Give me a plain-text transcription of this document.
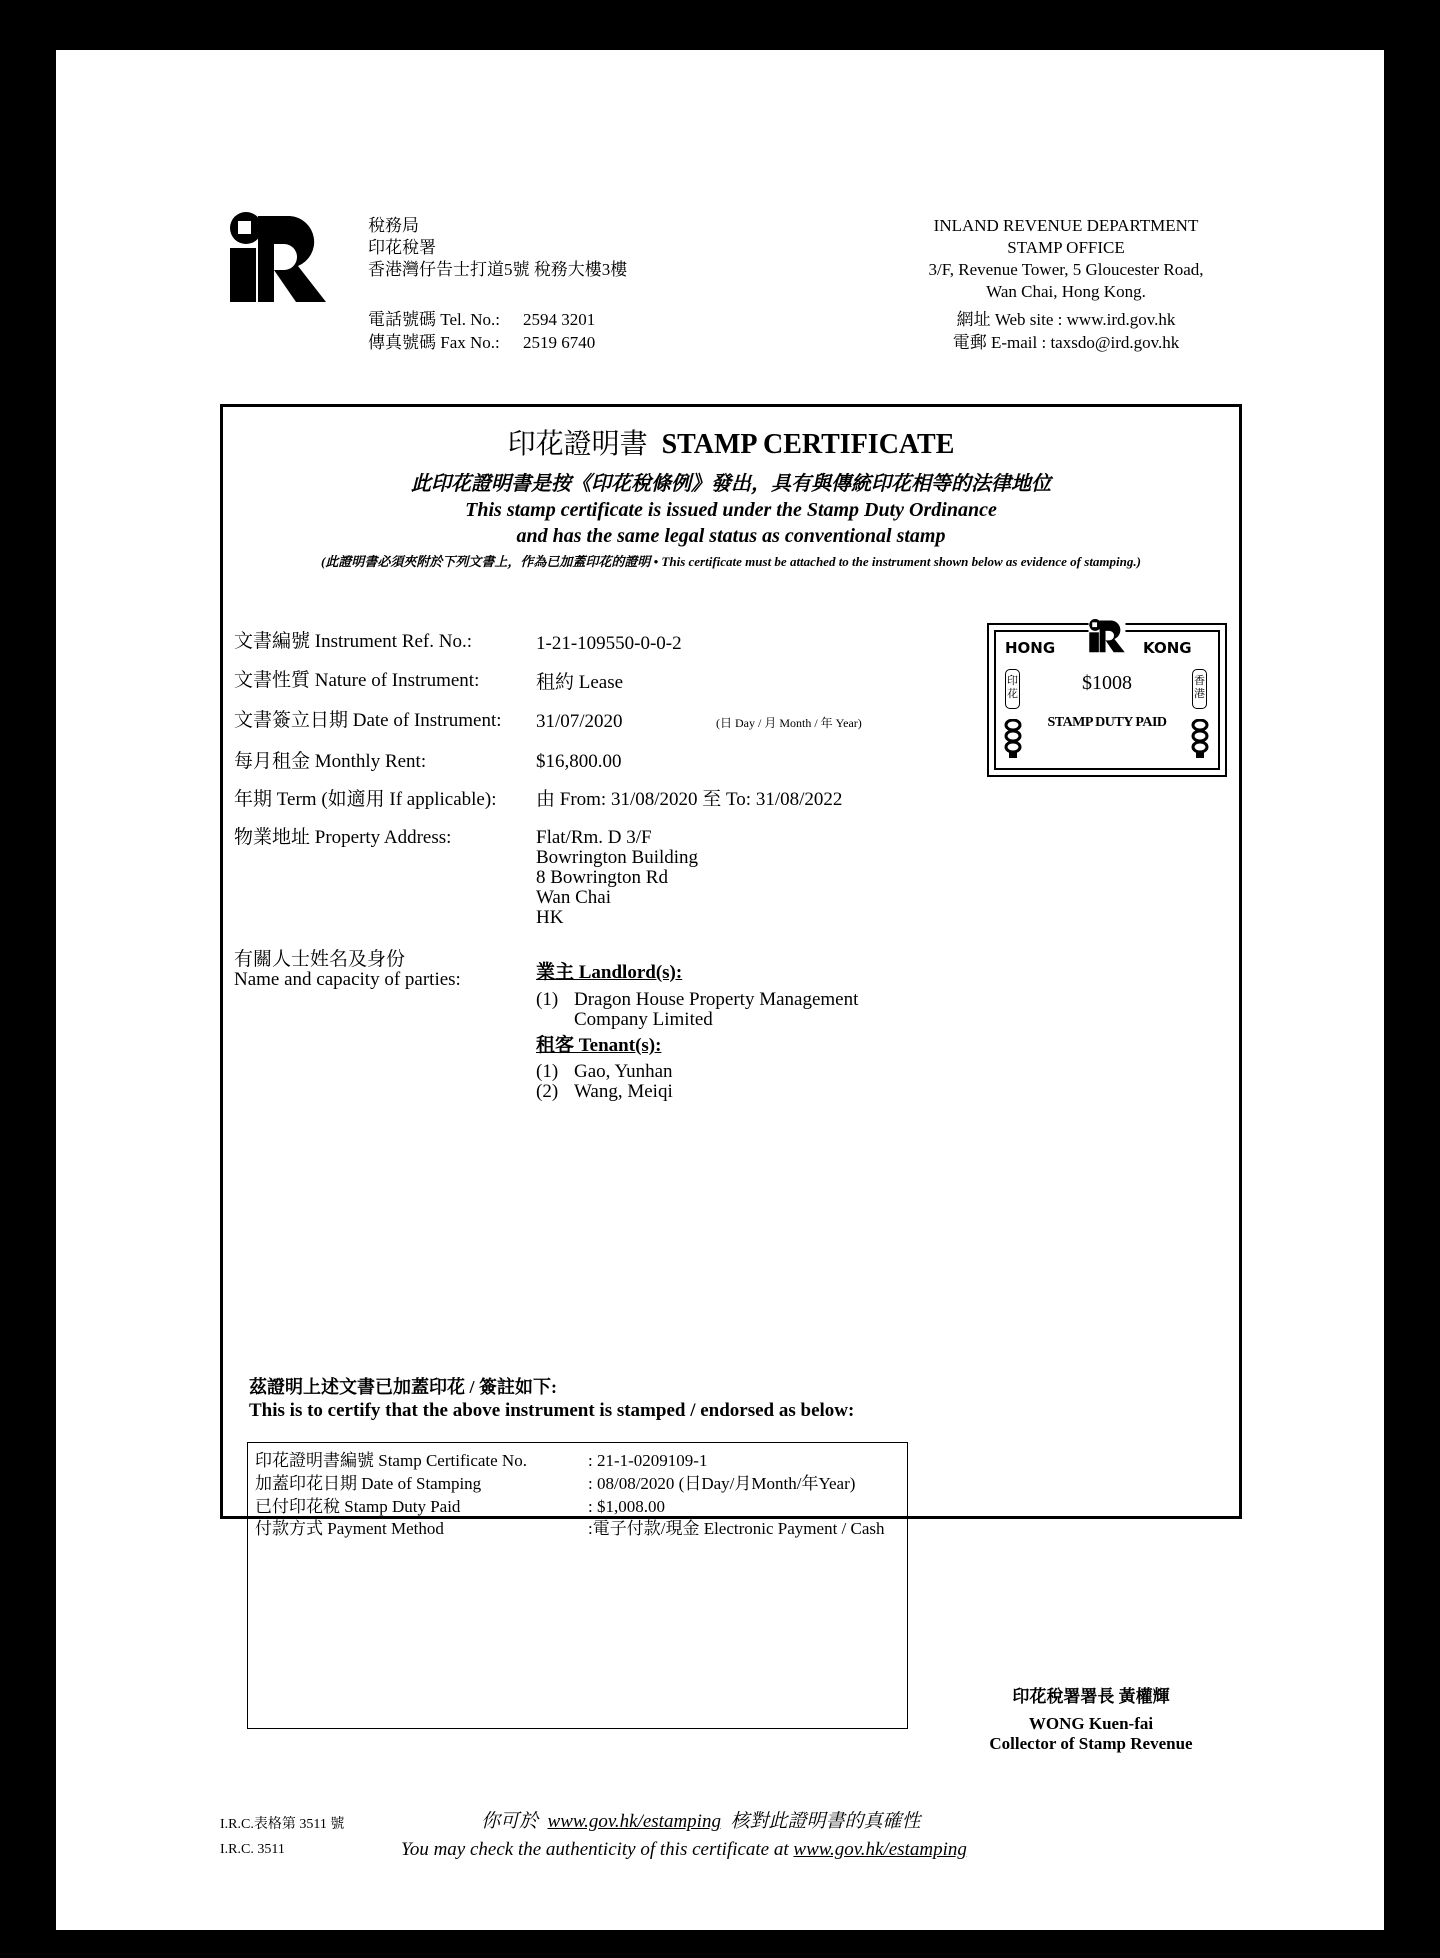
稅務局
印花稅署
香港灣仔告士打道5號 稅務大樓3樓
電話號碼 Tel. No.: 2594 3201
傳真號碼 Fax No.: 2519 6740
INLAND REVENUE DEPARTMENT
STAMP OFFICE
3/F, Revenue Tower, 5 Gloucester Road,
Wan Chai, Hong Kong.
網址 Web site : www.ird.gov.hk
電郵 E-mail : taxsdo@ird.gov.hk
印花證明書 STAMP CERTIFICATE
此印花證明書是按《印花稅條例》發出，具有與傳統印花相等的法律地位
This stamp certificate is issued under the Stamp Duty Ordinance
and has the same legal status as conventional stamp
(此證明書必須夾附於下列文書上，作為已加蓋印花的證明 • This certificate must be attached to the instrument shown below as evidence of stamping.)
文書編號 Instrument Ref. No.:	1-21-109550-0-0-2
文書性質 Nature of Instrument:	租約 Lease
文書簽立日期 Date of Instrument: 31/07/2020	(日 Day / 月 Month / 年 Year)
每月租金 Monthly Rent:	$16,800.00
年期 Term (如適用 If applicable): 由 From: 31/08/2020 至 To: 31/08/2022
物業地址 Property Address:	Flat/Rm. D 3/F
Bowrington Building
8 Bowrington Rd
Wan Chai
HK
有關人士姓名及身份
Name and capacity of parties:	業主 Landlord(s):
(1) Dragon House Property Management
Company Limited
租客 Tenant(s):
(1) Gao, Yunhan
(2) Wang, Meiqi
HONG	KONG
印花
香港
$1008
STAMP DUTY PAID
茲證明上述文書已加蓋印花 / 簽註如下:
This is to certify that the above instrument is stamped / endorsed as below:
印花證明書編號 Stamp Certificate No.	: 21-1-0209109-1
加蓋印花日期 Date of Stamping	: 08/08/2020 (日Day/月Month/年Year)
已付印花稅 Stamp Duty Paid	: $1,008.00
付款方式 Payment Method	:電子付款/現金 Electronic Payment / Cash
印花稅署署長 黃權輝
WONG Kuen-fai
Collector of Stamp Revenue
I.R.C.表格第 3511 號
I.R.C. 3511
你可於 www.gov.hk/estamping 核對此證明書的真確性
You may check the authenticity of this certificate at www.gov.hk/estamping
